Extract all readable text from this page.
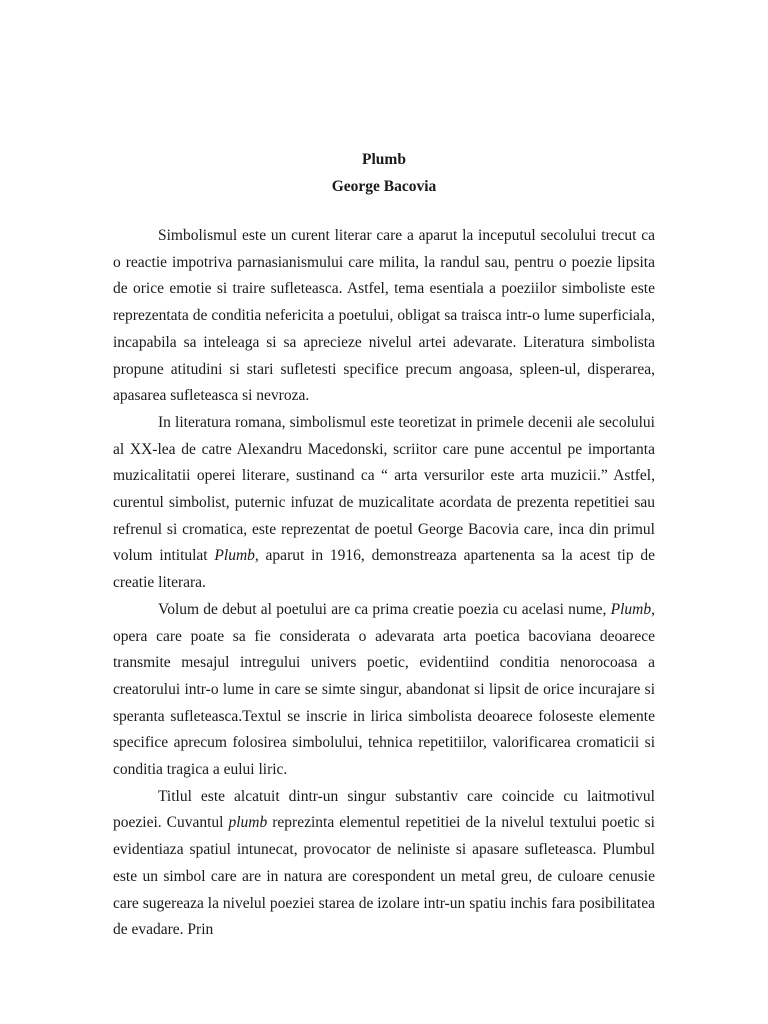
Plumb
George Bacovia

Simbolismul este un curent literar care a aparut la inceputul secolului trecut ca o reactie impotriva parnasianismului care milita, la randul sau, pentru o poezie lipsita de orice emotie si traire sufleteasca. Astfel, tema esentiala a poeziilor simboliste este reprezentata de conditia nefericita a poetului, obligat sa traisca intr-o lume superficiala, incapabila sa inteleaga si sa aprecieze nivelul artei adevarate. Literatura simbolista propune atitudini si stari sufletesti specifice precum angoasa, spleen-ul, disperarea, apasarea sufleteasca si nevroza.

In literatura romana, simbolismul este teoretizat in primele decenii ale secolului al XX-lea de catre Alexandru Macedonski, scriitor care pune accentul pe importanta muzicalitatii operei literare, sustinand ca “ arta versurilor este arta muzicii.” Astfel, curentul simbolist, puternic infuzat de muzicalitate acordata de prezenta repetitiei sau refrenul si cromatica, este reprezentat de poetul George Bacovia care, inca din primul volum intitulat Plumb, aparut in 1916, demonstreaza apartenenta sa la acest tip de creatie literara.

Volum de debut al poetului are ca prima creatie poezia cu acelasi nume, Plumb, opera care poate sa fie considerata o adevarata arta poetica bacoviana deoarece transmite mesajul intregului univers poetic, evidentiind conditia nenorocoasa a creatorului intr-o lume in care se simte singur, abandonat si lipsit de orice incurajare si speranta sufleteasca.Textul se inscrie in lirica simbolista deoarece foloseste elemente specifice aprecum folosirea simbolului, tehnica repetitiilor, valorificarea cromaticii si conditia tragica a eului liric.

Titlul este alcatuit dintr-un singur substantiv care coincide cu laitmotivul poeziei. Cuvantul plumb reprezinta elementul repetitiei de la nivelul textului poetic si evidentiaza spatiul intunecat, provocator de neliniste si apasare sufleteasca. Plumbul este un simbol care are in natura are corespondent un metal greu, de culoare cenusie care sugereaza la nivelul poeziei starea de izolare intr-un spatiu inchis fara posibilitatea de evadare. Prin
